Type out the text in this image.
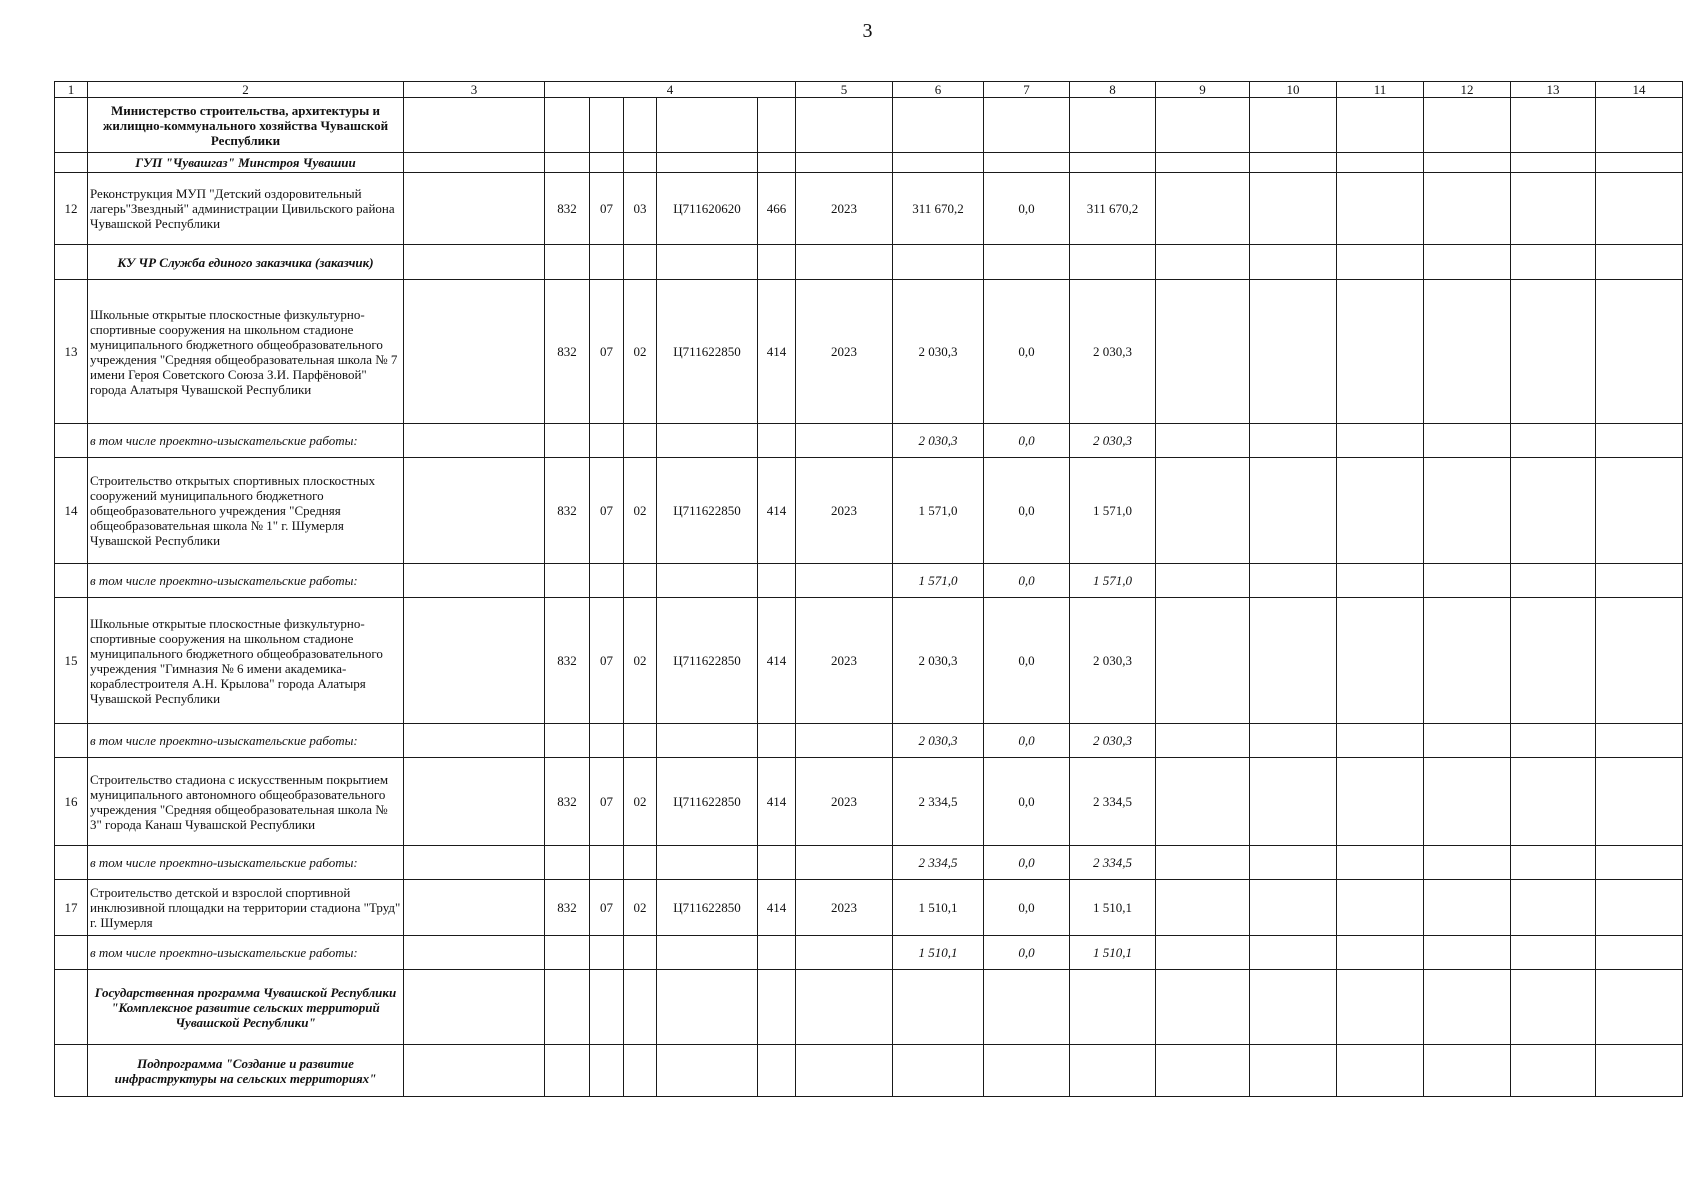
3
1	2	3	4					5	6	7	8	9	10	11	12	13	14
	Министерство строительства, архитектуры и жилищно-коммунального хозяйства Чувашской Республики																
	ГУП "Чувашгаз" Минстроя Чувашии																
12	Реконструкция МУП "Детский оздоровительный лагерь"Звездный" администрации Цивильского района Чувашской Республики		832	07	03	Ц711620620	466	2023	311 670,2	0,0	311 670,2						
	КУ ЧР Служба единого заказчика (заказчик)																
13	Школьные открытые плоскостные физкультурно-спортивные сооружения на школьном стадионе муниципального бюджетного общеобразовательного учреждения "Средняя общеобразовательная школа № 7 имени Героя Советского Союза З.И. Парфёновой" города Алатыря Чувашской Республики		832	07	02	Ц711622850	414	2023	2 030,3	0,0	2 030,3						
	в том числе проектно-изыскательские работы:								2 030,3	0,0	2 030,3						
14	Строительство открытых спортивных плоскостных сооружений муниципального бюджетного общеобразовательного учреждения "Средняя общеобразовательная школа № 1" г. Шумерля Чувашской Республики		832	07	02	Ц711622850	414	2023	1 571,0	0,0	1 571,0						
	в том числе проектно-изыскательские работы:								1 571,0	0,0	1 571,0						
15	Школьные открытые плоскостные физкультурно-спортивные сооружения на школьном стадионе муниципального бюджетного общеобразовательного учреждения "Гимназия № 6 имени академика-кораблестроителя А.Н. Крылова" города Алатыря Чувашской Республики		832	07	02	Ц711622850	414	2023	2 030,3	0,0	2 030,3						
	в том числе проектно-изыскательские работы:								2 030,3	0,0	2 030,3						
16	Строительство стадиона с искусственным покрытием муниципального автономного общеобразовательного учреждения "Средняя общеобразовательная школа № 3" города Канаш Чувашской Республики		832	07	02	Ц711622850	414	2023	2 334,5	0,0	2 334,5						
	в том числе проектно-изыскательские работы:								2 334,5	0,0	2 334,5						
17	Строительство детской и взрослой спортивной инклюзивной площадки на территории стадиона "Труд" г. Шумерля		832	07	02	Ц711622850	414	2023	1 510,1	0,0	1 510,1						
	в том числе проектно-изыскательские работы:								1 510,1	0,0	1 510,1						
	Государственная программа Чувашской Республики "Комплексное развитие сельских территорий Чувашской Республики"																
	Подпрограмма "Создание и развитие инфраструктуры на сельских территориях"																
